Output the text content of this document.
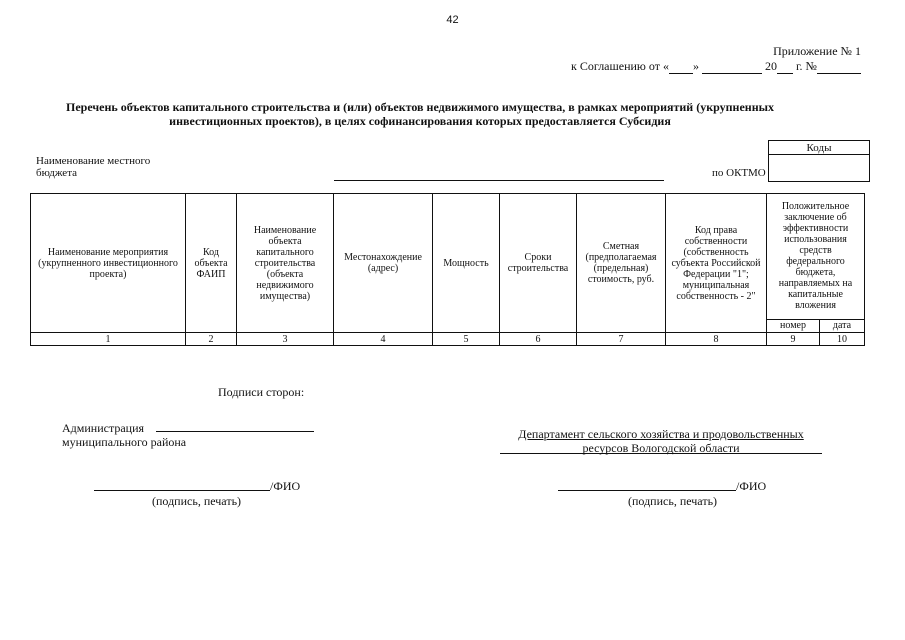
42
Приложение № 1
к Соглашению от « »	20 г. №
Перечень объектов капитального строительства и (или) объектов недвижимого имущества, в рамках мероприятий (укрупненных инвестиционных проектов), в целях софинансирования которых предоставляется Субсидия
Наименование местного бюджета	по ОКТМО
Коды

Наименование мероприятия (укрупненного инвестиционного проекта)	Код объекта ФАИП	Наименование объекта капитального строительства (объекта недвижимого имущества)	Местонахождение (адрес)	Мощность	Сроки строительства	Сметная (предполагаемая (предельная) стоимость, руб.	Код права собственности (собственность субъекта Российской Федерации "1"; муниципальная собственность - 2"	Положительное заключение об эффективности использования средств федерального бюджета, направляемых на капитальные вложения	
								номер	дата
1	2	3	4	5	6	7	8	9	10
Подписи сторон:
Администрация муниципального района
Департамент сельского хозяйства и продовольственных ресурсов Вологодской области
/ФИО
(подпись, печать)
/ФИО
(подпись, печать)
